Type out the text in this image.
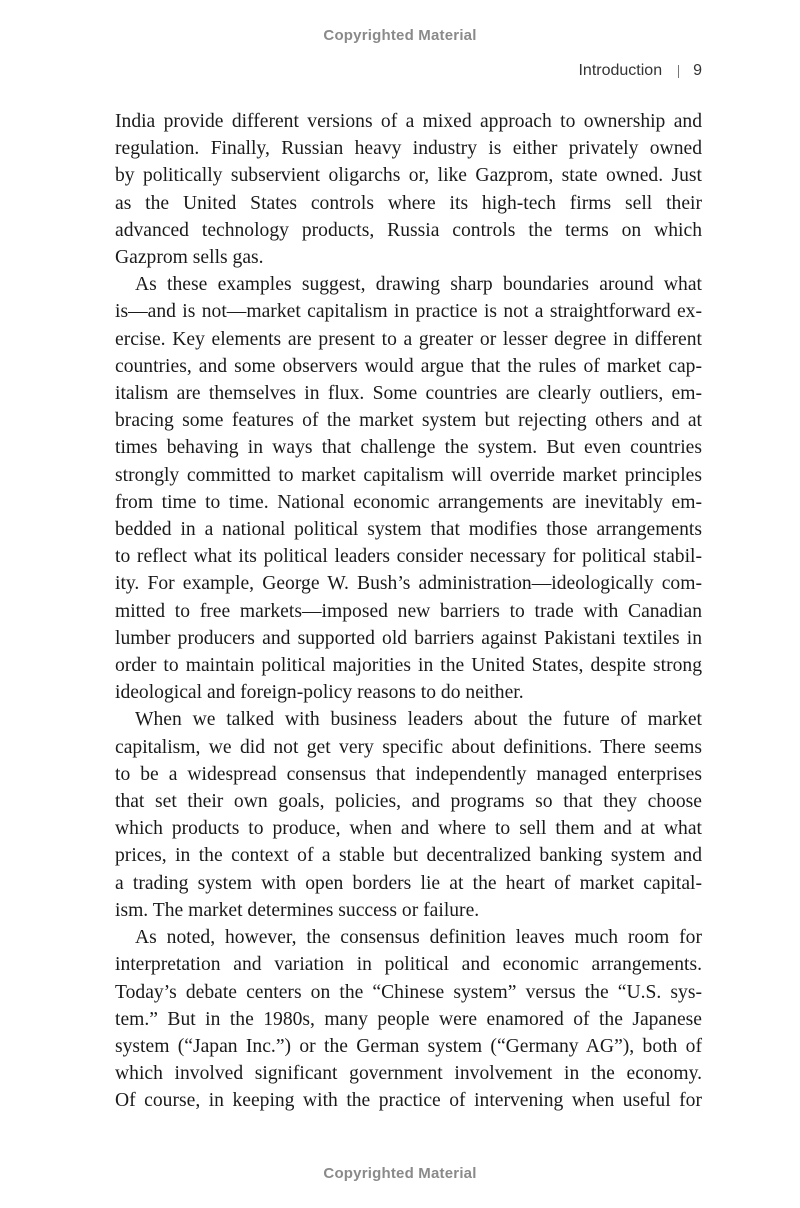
Copyrighted Material
Introduction 9

India provide different versions of a mixed approach to ownership and
regulation. Finally, Russian heavy industry is either privately owned
by politically subservient oligarchs or, like Gazprom, state owned. Just
as the United States controls where its high-tech firms sell their
advanced technology products, Russia controls the terms on which
Gazprom sells gas.

As these examples suggest, drawing sharp boundaries around what
is—and is not—market capitalism in practice is not a straightforward ex-
ercise. Key elements are present to a greater or lesser degree in different
countries, and some observers would argue that the rules of market cap-
italism are themselves in flux. Some countries are clearly outliers, em-
bracing some features of the market system but rejecting others and at
times behaving in ways that challenge the system. But even countries
strongly committed to market capitalism will override market principles
from time to time. National economic arrangements are inevitably em-
bedded in a national political system that modifies those arrangements
to reflect what its political leaders consider necessary for political stabil-
ity. For example, George W. Bush’s administration—ideologically com-
mitted to free markets—imposed new barriers to trade with Canadian
lumber producers and supported old barriers against Pakistani textiles in
order to maintain political majorities in the United States, despite strong
ideological and foreign-policy reasons to do neither.

When we talked with business leaders about the future of market
capitalism, we did not get very specific about definitions. There seems
to be a widespread consensus that independently managed enterprises
that set their own goals, policies, and programs so that they choose
which products to produce, when and where to sell them and at what
prices, in the context of a stable but decentralized banking system and
a trading system with open borders lie at the heart of market capital-
ism. The market determines success or failure.

As noted, however, the consensus definition leaves much room for
interpretation and variation in political and economic arrangements.
Today’s debate centers on the “Chinese system” versus the “U.S. sys-
tem.” But in the 1980s, many people were enamored of the Japanese
system (“Japan Inc.”) or the German system (“Germany AG”), both of
which involved significant government involvement in the economy.
Of course, in keeping with the practice of intervening when useful for

Copyrighted Material
